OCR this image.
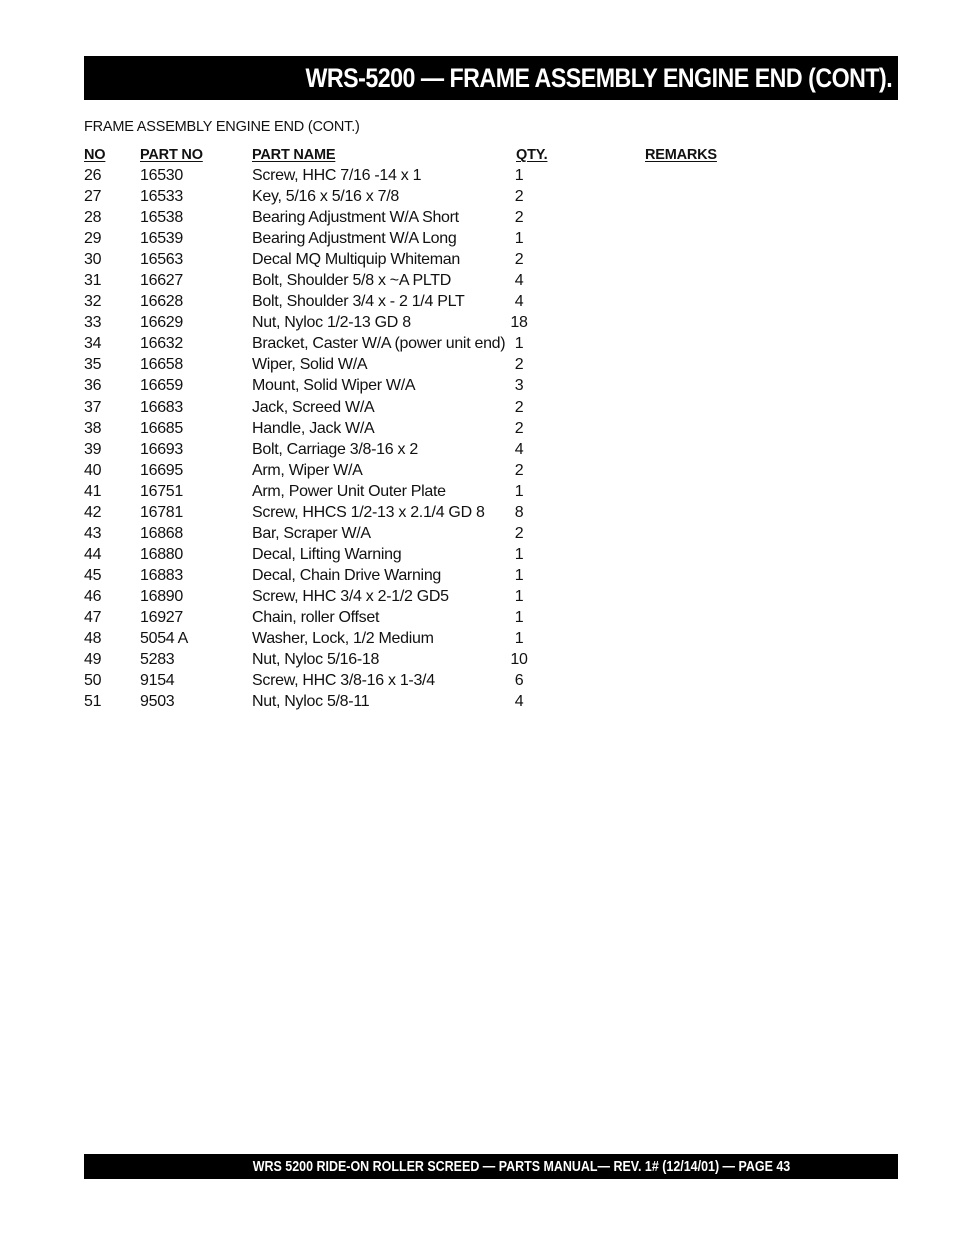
WRS-5200 — FRAME ASSEMBLY ENGINE END (CONT).
FRAME ASSEMBLY ENGINE END (CONT.)
NO PART NO	PART NAME	QTY.	REMARKS
26 16530	Screw, HHC 7/16 -14 x 1	1
27 16533	Key, 5/16 x 5/16 x 7/8	2
28 16538	Bearing Adjustment W/A Short	2
29 16539	Bearing Adjustment W/A Long	1
30 16563	Decal MQ Multiquip Whiteman	2
31 16627	Bolt, Shoulder 5/8 x ~A PLTD	4
32 16628	Bolt, Shoulder 3/4 x - 2 1/4 PLT	4
33 16629	Nut, Nyloc 1/2-13 GD 8	18
34 16632	Bracket, Caster W/A (power unit end) 1
35 16658	Wiper, Solid W/A	2
36 16659	Mount, Solid Wiper W/A	3
37 16683	Jack, Screed W/A	2
38 16685	Handle, Jack W/A	2
39 16693	Bolt, Carriage 3/8-16 x 2	4
40 16695	Arm, Wiper W/A	2
41 16751	Arm, Power Unit Outer Plate	1
42 16781	Screw, HHCS 1/2-13 x 2.1/4 GD 8	8
43 16868	Bar, Scraper W/A	2
44 16880	Decal, Lifting Warning	1
45 16883	Decal, Chain Drive Warning	1
46 16890	Screw, HHC 3/4 x 2-1/2 GD5	1
47 16927	Chain, roller Offset	1
48 5054 A	Washer, Lock, 1/2 Medium	1
49 5283	Nut, Nyloc 5/16-18	10
50 9154	Screw, HHC 3/8-16 x 1-3/4	6
51 9503	Nut, Nyloc 5/8-11	4
WRS 5200 RIDE-ON ROLLER SCREED — PARTS MANUAL— REV. 1# (12/14/01) — PAGE 43
